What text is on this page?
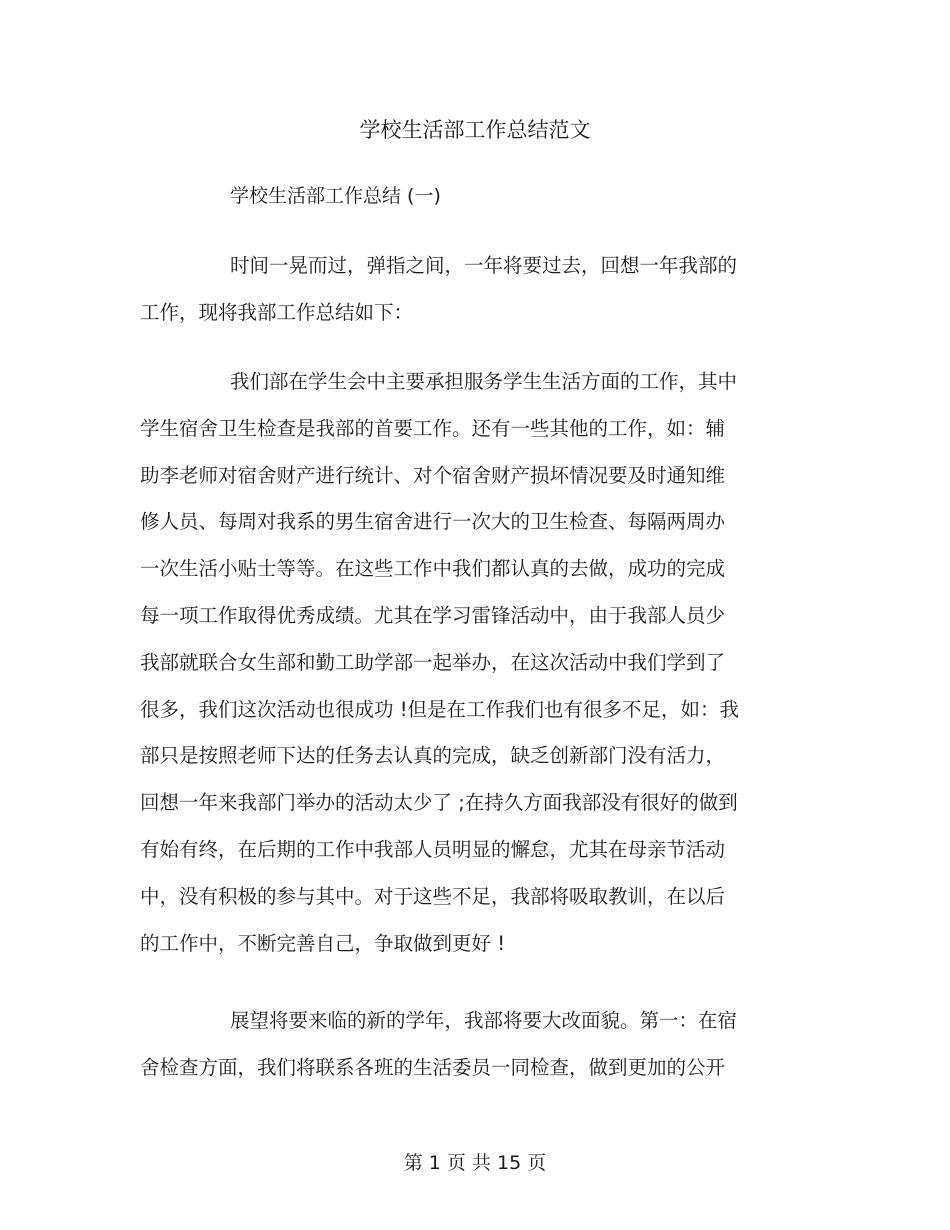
学校生活部工作总结范文
学校生活部工作总结 (一)
时间一晃而过，弹指之间，一年将要过去，回想一年我部的
工作，现将我部工作总结如下：
我们部在学生会中主要承担服务学生生活方面的工作，其中
学生宿舍卫生检查是我部的首要工作。还有一些其他的工作，如：辅
助李老师对宿舍财产进行统计、对个宿舍财产损坏情况要及时通知维
修人员、每周对我系的男生宿舍进行一次大的卫生检查、每隔两周办
一次生活小贴士等等。在这些工作中我们都认真的去做，成功的完成
每一项工作取得优秀成绩。尤其在学习雷锋活动中，由于我部人员少
我部就联合女生部和勤工助学部一起举办，在这次活动中我们学到了
很多，我们这次活动也很成功 !但是在工作我们也有很多不足，如：我
部只是按照老师下达的任务去认真的完成，缺乏创新部门没有活力，
回想一年来我部门举办的活动太少了 ;在持久方面我部没有很好的做到
有始有终，在后期的工作中我部人员明显的懈怠，尤其在母亲节活动
中，没有积极的参与其中。对于这些不足，我部将吸取教训，在以后
的工作中，不断完善自己，争取做到更好 !
展望将要来临的新的学年，我部将要大改面貌。第一：在宿
舍检查方面，我们将联系各班的生活委员一同检查，做到更加的公开
第 1 页 共 15 页
